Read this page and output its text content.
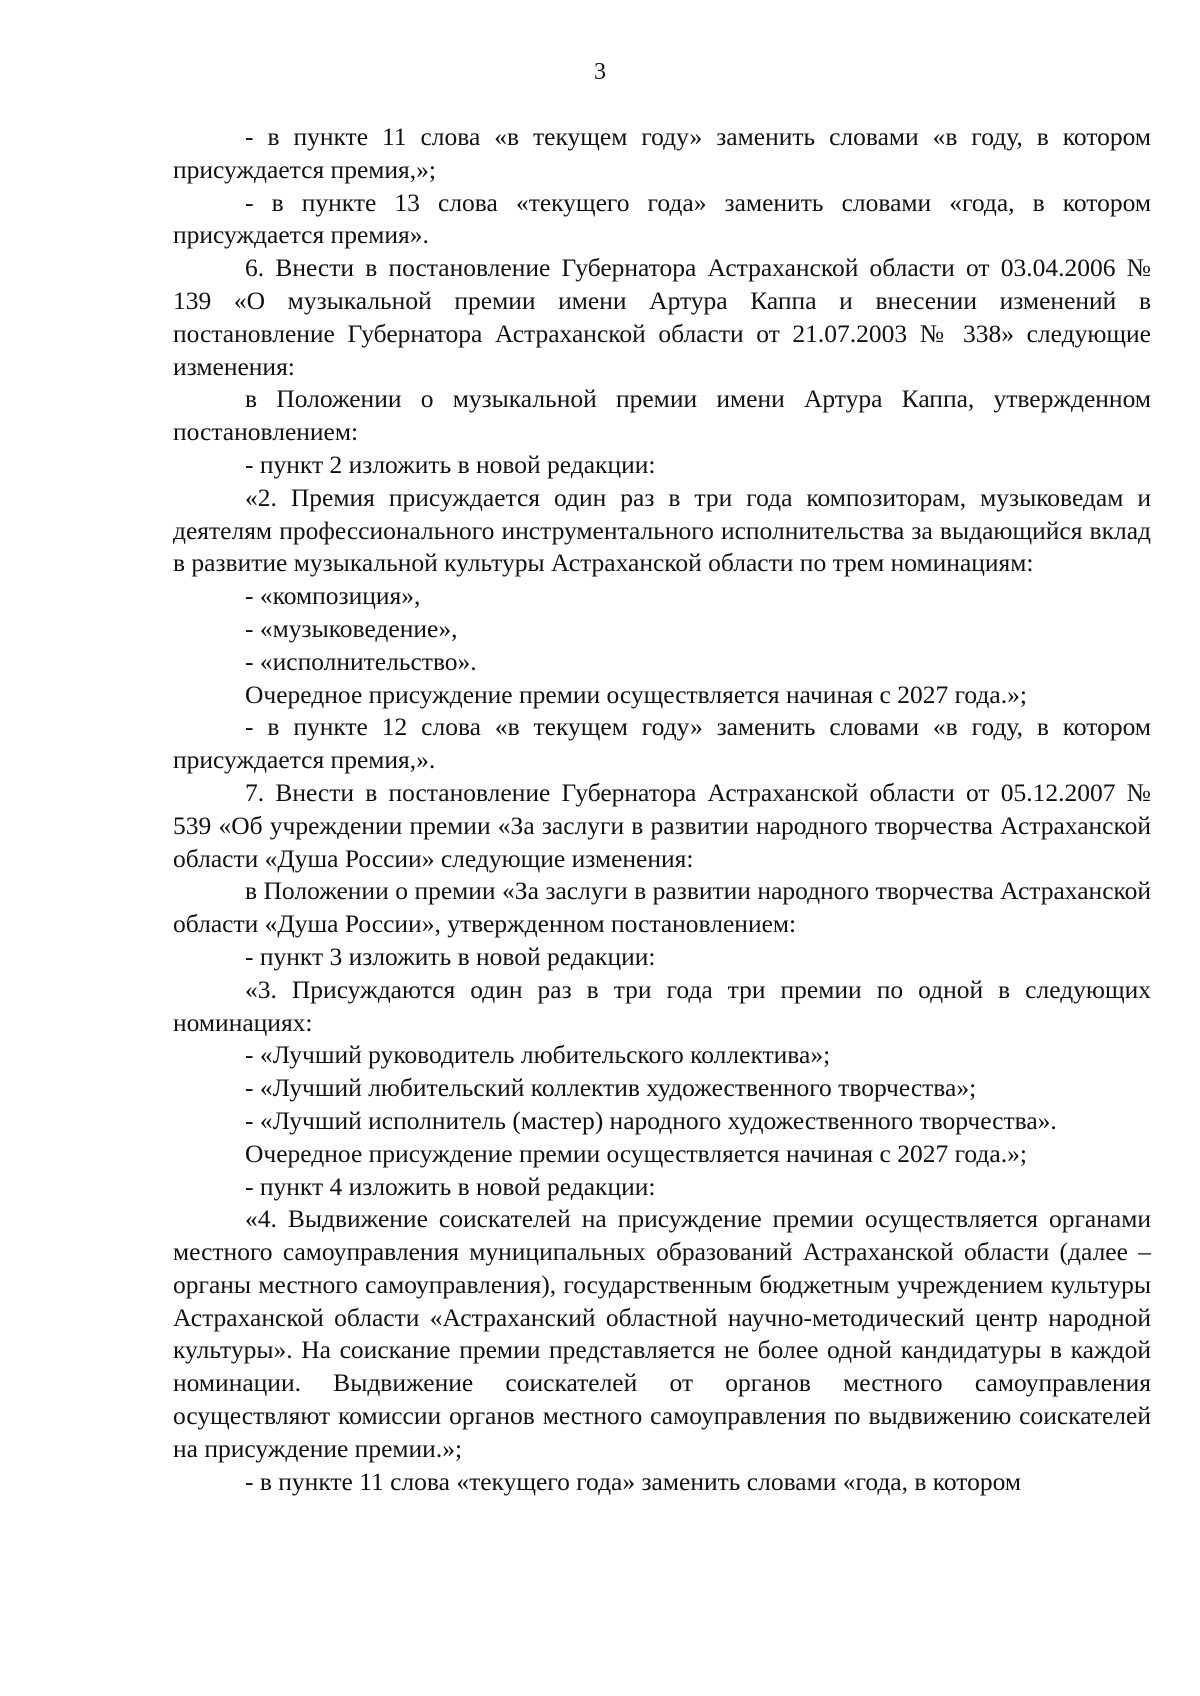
3

- в пункте 11 слова «в текущем году» заменить словами «в году, в котором присуждается премия,»;

- в пункте 13 слова «текущего года» заменить словами «года, в котором присуждается премия».

6. Внести в постановление Губернатора Астраханской области от 03.04.2006 № 139 «О музыкальной премии имени Артура Каппа и внесении изменений в постановление Губернатора Астраханской области от 21.07.2003 № 338» следующие изменения:

в Положении о музыкальной премии имени Артура Каппа, утвержденном постановлением:

- пункт 2 изложить в новой редакции:

«2. Премия присуждается один раз в три года композиторам, музыковедам и деятелям профессионального инструментального исполнительства за выдающийся вклад в развитие музыкальной культуры Астраханской области по трем номинациям:

- «композиция»,

- «музыковедение»,

- «исполнительство».

Очередное присуждение премии осуществляется начиная с 2027 года.»;

- в пункте 12 слова «в текущем году» заменить словами «в году, в котором присуждается премия,».

7. Внести в постановление Губернатора Астраханской области от 05.12.2007 № 539 «Об учреждении премии «За заслуги в развитии народного творчества Астраханской области «Душа России» следующие изменения:

в Положении о премии «За заслуги в развитии народного творчества Астраханской области «Душа России», утвержденном постановлением:

- пункт 3 изложить в новой редакции:

«3. Присуждаются один раз в три года три премии по одной в следующих номинациях:

- «Лучший руководитель любительского коллектива»;

- «Лучший любительский коллектив художественного творчества»;

- «Лучший исполнитель (мастер) народного художественного творчества».

Очередное присуждение премии осуществляется начиная с 2027 года.»;

- пункт 4 изложить в новой редакции:

«4. Выдвижение соискателей на присуждение премии осуществляется органами местного самоуправления муниципальных образований Астраханской области (далее – органы местного самоуправления), государственным бюджетным учреждением культуры Астраханской области «Астраханский областной научно-методический центр народной культуры». На соискание премии представляется не более одной кандидатуры в каждой номинации. Выдвижение соискателей от органов местного самоуправления осуществляют комиссии органов местного самоуправления по выдвижению соискателей на присуждение премии.»;

- в пункте 11 слова «текущего года» заменить словами «года, в котором
